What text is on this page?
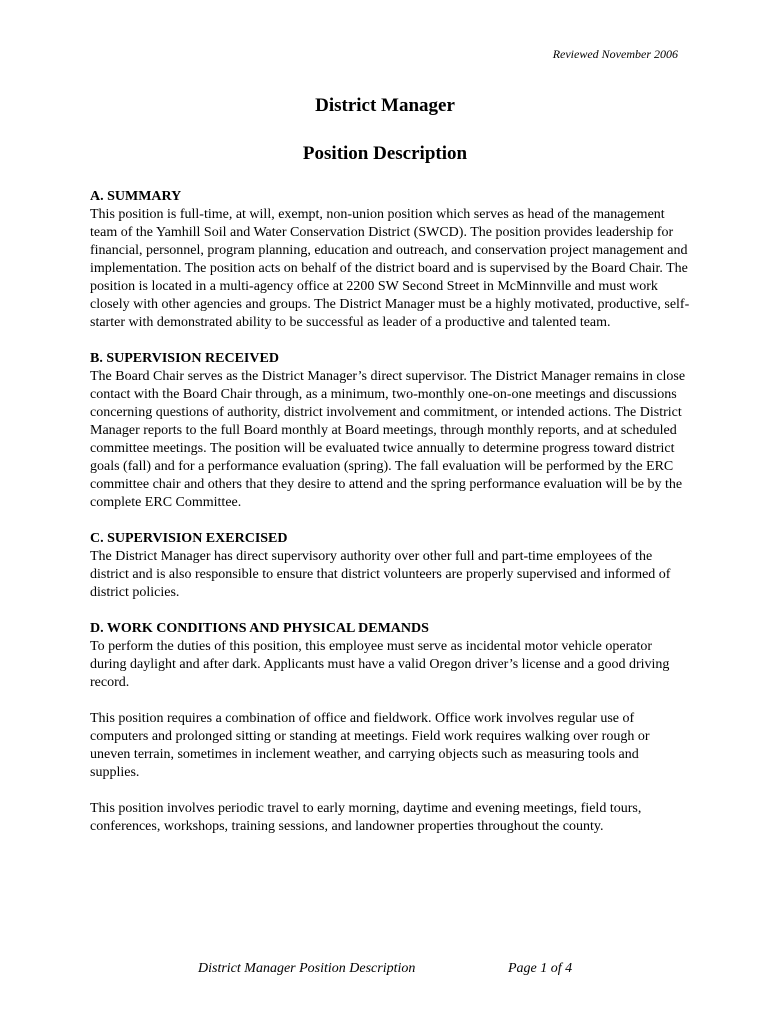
Reviewed November 2006
District Manager
Position Description
A. SUMMARY

This position is full-time, at will, exempt, non-union position which serves as head of the management team of the Yamhill Soil and Water Conservation District (SWCD). The position provides leadership for financial, personnel, program planning, education and outreach, and conservation project management and implementation. The position acts on behalf of the district board and is supervised by the Board Chair. The position is located in a multi-agency office at 2200 SW Second Street in McMinnville and must work closely with other agencies and groups. The District Manager must be a highly motivated, productive, self-starter with demonstrated ability to be successful as leader of a productive and talented team.

B. SUPERVISION RECEIVED

The Board Chair serves as the District Manager’s direct supervisor. The District Manager remains in close contact with the Board Chair through, as a minimum, two-monthly one-on-one meetings and discussions concerning questions of authority, district involvement and commitment, or intended actions. The District Manager reports to the full Board monthly at Board meetings, through monthly reports, and at scheduled committee meetings. The position will be evaluated twice annually to determine progress toward district goals (fall) and for a performance evaluation (spring). The fall evaluation will be performed by the ERC committee chair and others that they desire to attend and the spring performance evaluation will be by the complete ERC Committee.

C. SUPERVISION EXERCISED

The District Manager has direct supervisory authority over other full and part-time employees of the district and is also responsible to ensure that district volunteers are properly supervised and informed of district policies.

D. WORK CONDITIONS AND PHYSICAL DEMANDS

To perform the duties of this position, this employee must serve as incidental motor vehicle operator during daylight and after dark. Applicants must have a valid Oregon driver’s license and a good driving record.

This position requires a combination of office and fieldwork. Office work involves regular use of computers and prolonged sitting or standing at meetings. Field work requires walking over rough or uneven terrain, sometimes in inclement weather, and carrying objects such as measuring tools and supplies.

This position involves periodic travel to early morning, daytime and evening meetings, field tours, conferences, workshops, training sessions, and landowner properties throughout the county.

District Manager Position Description	Page 1 of 4
